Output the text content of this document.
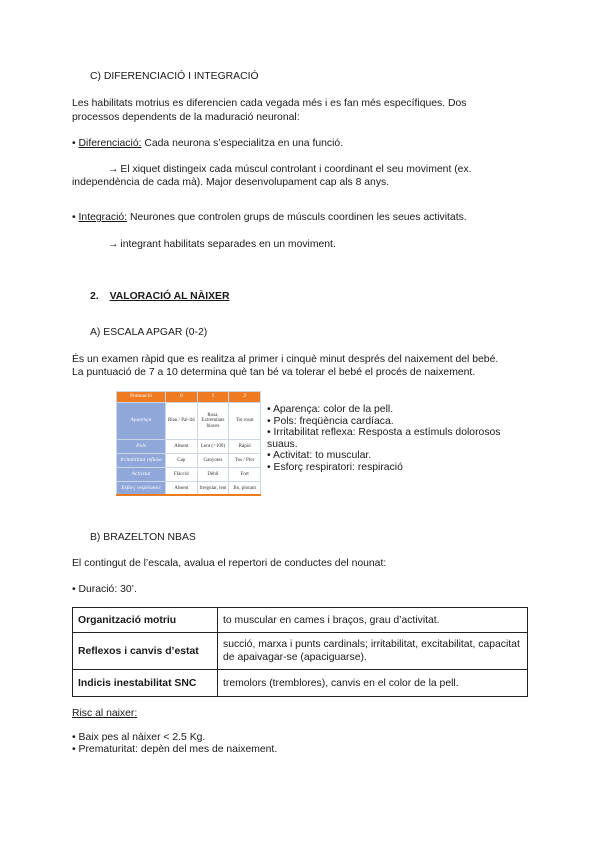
C) DIFERENCIACIÓ I INTEGRACIÓ
Les habilitats motrius es diferencien cada vegada més i es fan més específiques. Dos
processos dependents de la maduració neuronal:
• Diferenciació: Cada neurona s’especialitza en una funció.
→ El xiquet distingeix cada múscul controlant i coordinant el seu moviment (ex.
independència de cada mà). Major desenvolupament cap als 8 anys.
• Integració: Neurones que controlen grups de músculs coordinen les seues activitats.
→ integrant habilitats separades en un moviment.
2. VALORACIÓ AL NÀIXER
A) ESCALA APGAR (0-2)
És un examen ràpid que es realitza al primer i cinquè minut després del naixement del bebé.
La puntuació de 7 a 10 determina què tan bé va tolerar el bebé el procés de naixement.
Puntuació	0	1	2
Aparença	Blau / Pàl·lid	Rosa, Extremitats blaves	Tot rosat
Pols	Absent	Lent (<100)	Ràpid
Irritabilitat reflexa	Cap	Ganyotes	Tos / Plor
Activitat	Flàccid	Dèbil	Fort
Esforç respiratori	Absent	Irregular, lent	Bo, plorant
• Aparença: color de la pell.
• Pols: freqüència cardíaca.
• Irritabilitat reflexa: Resposta a estímuls dolorosos suaus.
• Activitat: to muscular.
• Esforç respiratori: respiració
B) BRAZELTON NBAS
El contingut de l’escala, avalua el repertori de conductes del nounat:
• Duració: 30’.
Organització motriu	to muscular en cames i braços, grau d’activitat.
Reflexos i canvis d’estat	succió, marxa i punts cardinals; irritabilitat, excitabilitat, capacitat de apaivagar-se (apaciguarse).
Indicis inestabilitat SNC	tremolors (tremblores), canvis en el color de la pell.
Risc al naixer:
• Baix pes al nàixer < 2.5 Kg.
• Prematuritat: depèn del mes de naixement.
